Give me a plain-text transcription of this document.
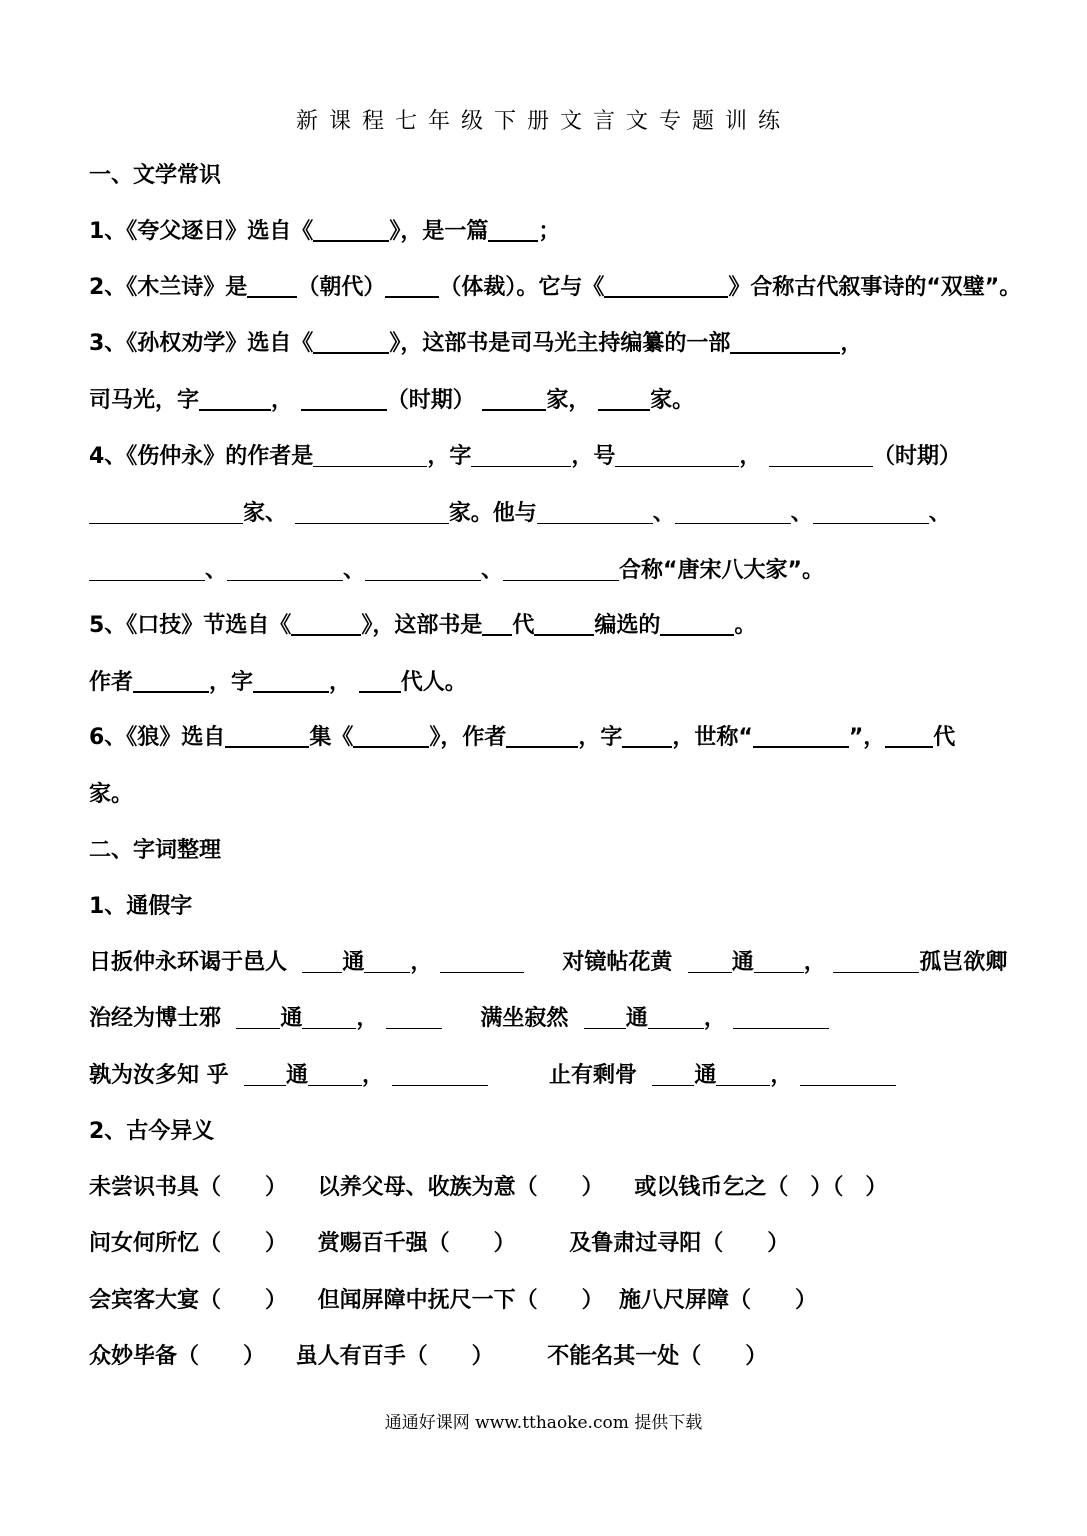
新课程七年级下册文言文专题训练
一、文学常识
1、《夸父逐日》选自《	》，是一篇 ；
2、《木兰诗》是 （朝代） （体裁）。它与《	》合称古代叙事诗的“双璧”。
3、《孙权劝学》选自《	》，这部书是司马光主持编纂的一部	，
司马光，字	，	（时期）	家，	家。
4、《伤仲永》的作者是	，字	，号	，	（时期）
家、	家。他与	、	、	、
、	、	、	合称“唐宋八大家”。
5、《口技》节选自《	》，这部书是 代	编选的	。
作者	，字	， 代人。
6、《狼》选自	集《	》，作者	，字 ，世称“	”， 代
家。
二、字词整理
1、通假字
日扳仲永环谒于邑人	通 ，	对镜帖花黄	通 ，	孤岂欲卿
治经为博士邪	通 ，	满坐寂然	通	，
孰为汝多知 乎	通 ，	止有剩骨	通 ，
2、古今异义
未尝识书具（　　） 以养父母、收族为意（　　） 或以钱币乞之（　）（　）
问女何所忆（　　） 赏赐百千强（　　） 及鲁肃过寻阳（　　）
会宾客大宴（　　） 但闻屏障中抚尺一下（　　） 施八尺屏障（　　）
众妙毕备（　　） 虽人有百手（　　） 不能名其一处（　　）
通通好课网 www.tthaoke.com 提供下载
